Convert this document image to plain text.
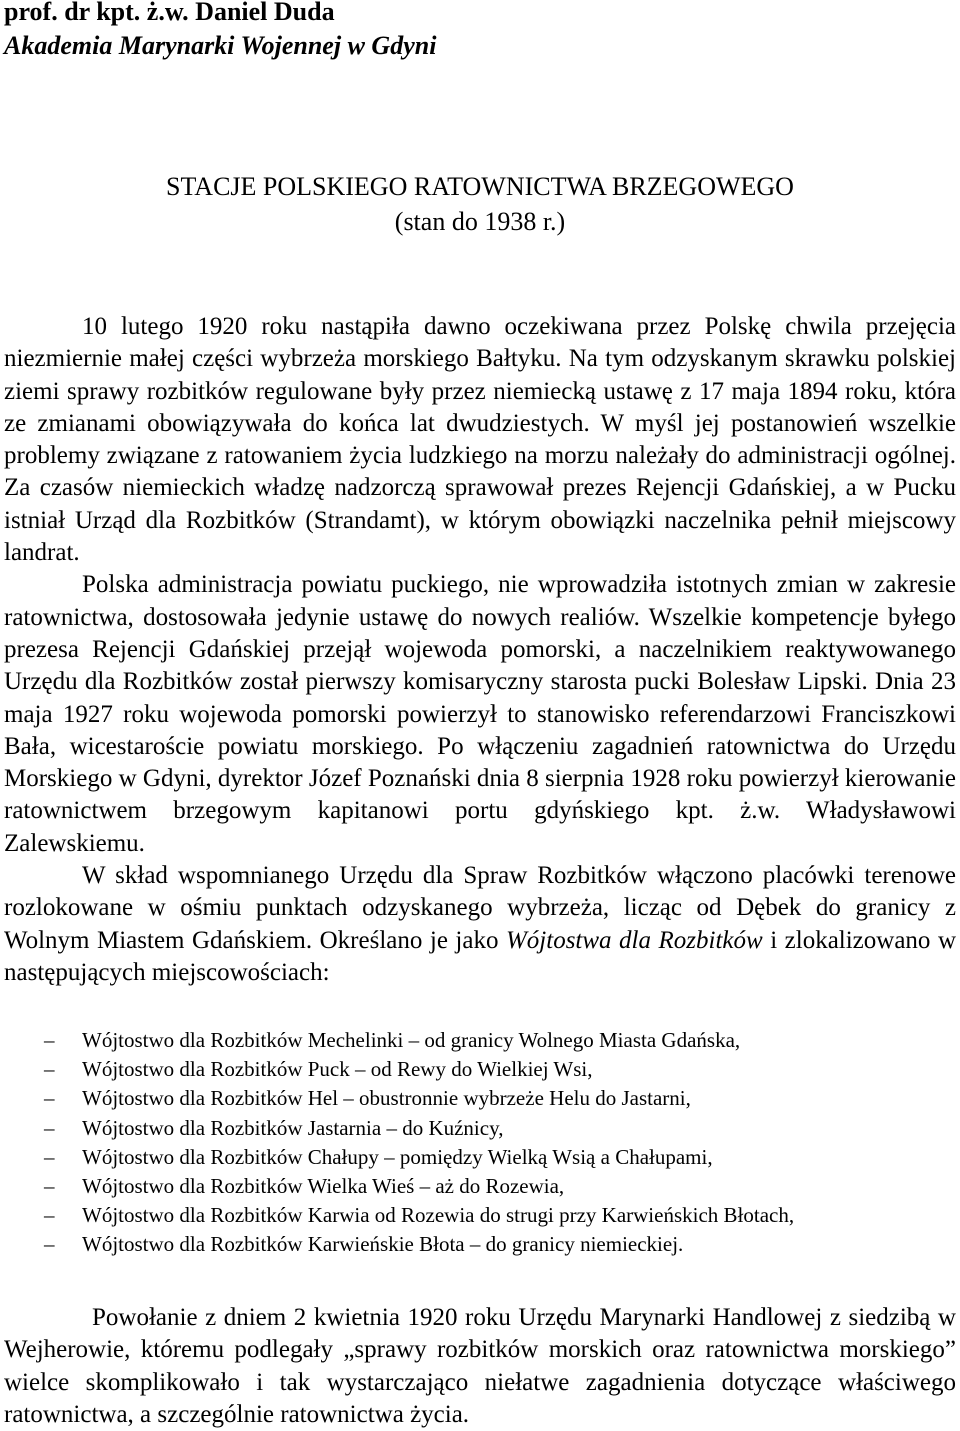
prof. dr kpt. ż.w. Daniel Duda
Akademia Marynarki Wojennej w Gdyni
STACJE POLSKIEGO RATOWNICTWA BRZEGOWEGO
(stan do 1938 r.)

10 lutego 1920 roku nastąpiła dawno oczekiwana przez Polskę chwila przejęcia niezmiernie małej części wybrzeża morskiego Bałtyku. Na tym odzyskanym skrawku polskiej ziemi sprawy rozbitków regulowane były przez niemiecką ustawę z 17 maja 1894 roku, która ze zmianami obowiązywała do końca lat dwudziestych. W myśl jej postanowień wszelkie problemy związane z ratowaniem życia ludzkiego na morzu należały do administracji ogólnej. Za czasów niemieckich władzę nadzorczą sprawował prezes Rejencji Gdańskiej, a w Pucku istniał Urząd dla Rozbitków (Strandamt), w którym obowiązki naczelnika pełnił miejscowy landrat.

Polska administracja powiatu puckiego, nie wprowadziła istotnych zmian w zakresie ratownictwa, dostosowała jedynie ustawę do nowych realiów. Wszelkie kompetencje byłego prezesa Rejencji Gdańskiej przejął wojewoda pomorski, a naczelnikiem reaktywowanego Urzędu dla Rozbitków został pierwszy komisaryczny starosta pucki Bolesław Lipski. Dnia 23 maja 1927 roku wojewoda pomorski powierzył to stanowisko referendarzowi Franciszkowi Bała, wicestaroście powiatu morskiego. Po włączeniu zagadnień ratownictwa do Urzędu Morskiego w Gdyni, dyrektor Józef Poznański dnia 8 sierpnia 1928 roku powierzył kierowanie ratownictwem brzegowym kapitanowi portu gdyńskiego kpt. ż.w. Władysławowi Zalewskiemu.

W skład wspomnianego Urzędu dla Spraw Rozbitków włączono placówki terenowe rozlokowane w ośmiu punktach odzyskanego wybrzeża, licząc od Dębek do granicy z Wolnym Miastem Gdańskiem. Określano je jako Wójtostwa dla Rozbitków i zlokalizowano w następujących miejscowościach:

– Wójtostwo dla Rozbitków Mechelinki – od granicy Wolnego Miasta Gdańska,
– Wójtostwo dla Rozbitków Puck – od Rewy do Wielkiej Wsi,
– Wójtostwo dla Rozbitków Hel – obustronnie wybrzeże Helu do Jastarni,
– Wójtostwo dla Rozbitków Jastarnia – do Kuźnicy,
– Wójtostwo dla Rozbitków Chałupy – pomiędzy Wielką Wsią a Chałupami,
– Wójtostwo dla Rozbitków Wielka Wieś – aż do Rozewia,
– Wójtostwo dla Rozbitków Karwia od Rozewia do strugi przy Karwieńskich Błotach,
– Wójtostwo dla Rozbitków Karwieńskie Błota – do granicy niemieckiej.

Powołanie z dniem 2 kwietnia 1920 roku Urzędu Marynarki Handlowej z siedzibą w Wejherowie, któremu podlegały „sprawy rozbitków morskich oraz ratownictwa morskiego” wielce skomplikowało i tak wystarczająco niełatwe zagadnienia dotyczące właściwego ratownictwa, a szczególnie ratownictwa życia.
